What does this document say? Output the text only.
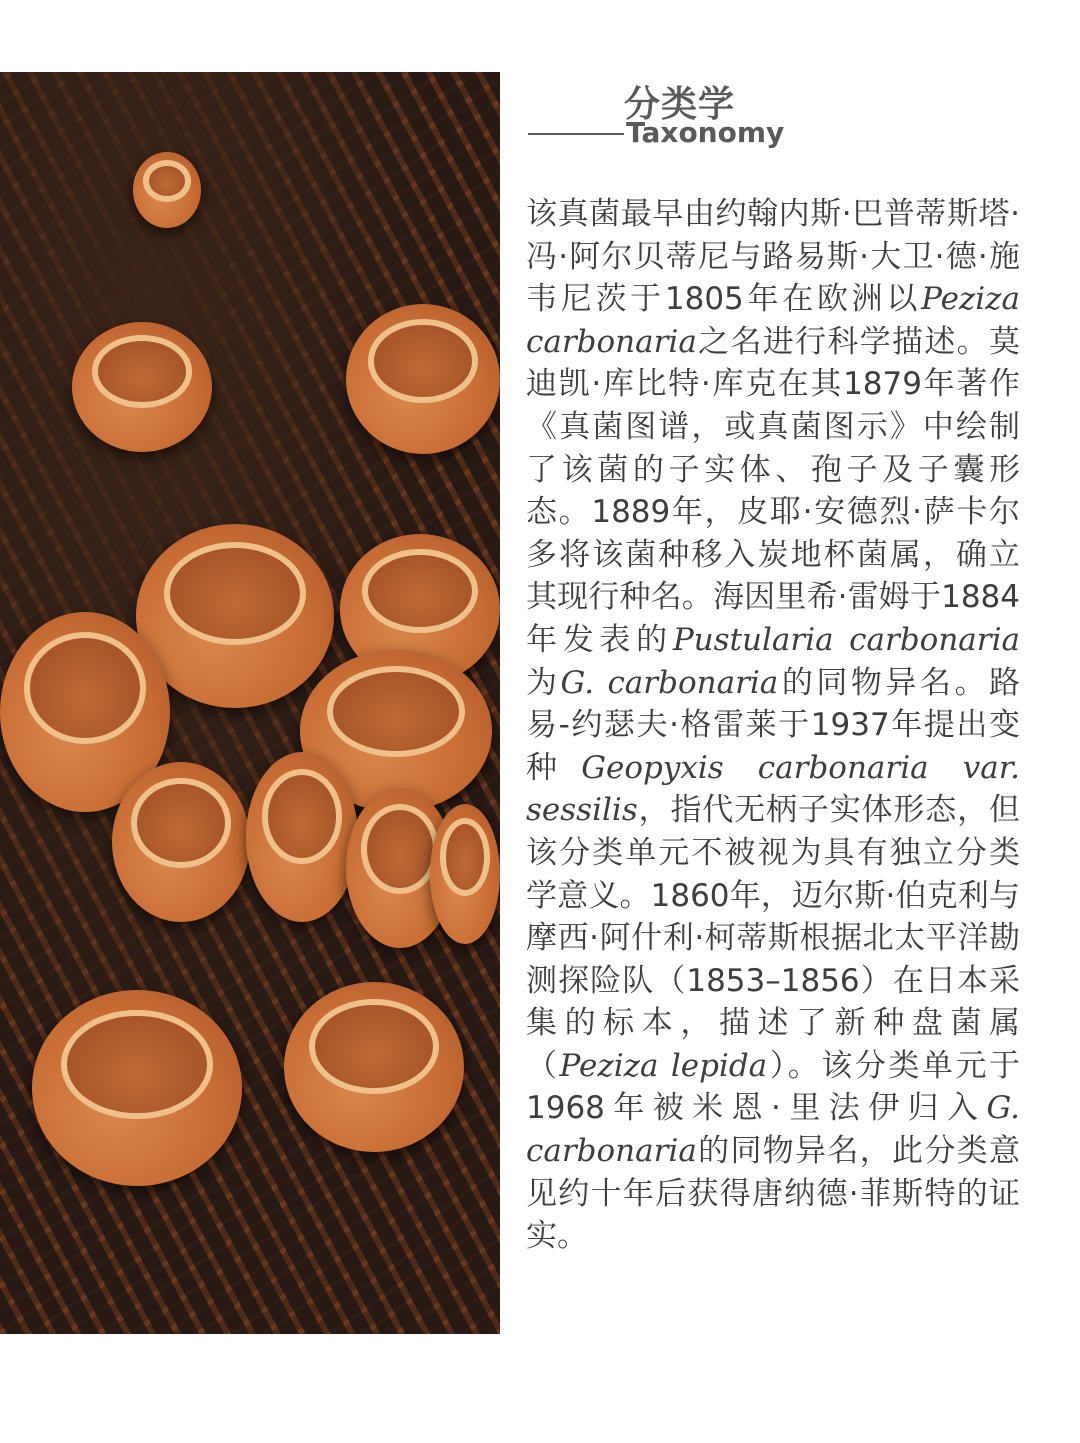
分类学
Taxonomy

该真菌最早由约翰内斯·巴普蒂斯塔·冯·阿尔贝蒂尼与路易斯·大卫·德·施韦尼茨于1805年在欧洲以Peziza carbonaria之名进行科学描述。莫迪凯·库比特·库克在其1879年著作《真菌图谱，或真菌图示》中绘制了该菌的子实体、孢子及子囊形态。1889年，皮耶·安德烈·萨卡尔多将该菌种移入炭地杯菌属，确立其现行种名。海因里希·雷姆于1884年发表的Pustularia carbonaria为G. carbonaria的同物异名。路易-约瑟夫·格雷莱于1937年提出变种Geopyxis carbonaria var. sessilis，指代无柄子实体形态，但该分类单元不被视为具有独立分类学意义。1860年，迈尔斯·伯克利与摩西·阿什利·柯蒂斯根据北太平洋勘测探险队（1853–1856）在日本采集的标本，描述了新种盘菌属（Peziza lepida）。该分类单元于1968年被米恩·里法伊归入G. carbonaria的同物异名，此分类意见约十年后获得唐纳德·菲斯特的证实。
